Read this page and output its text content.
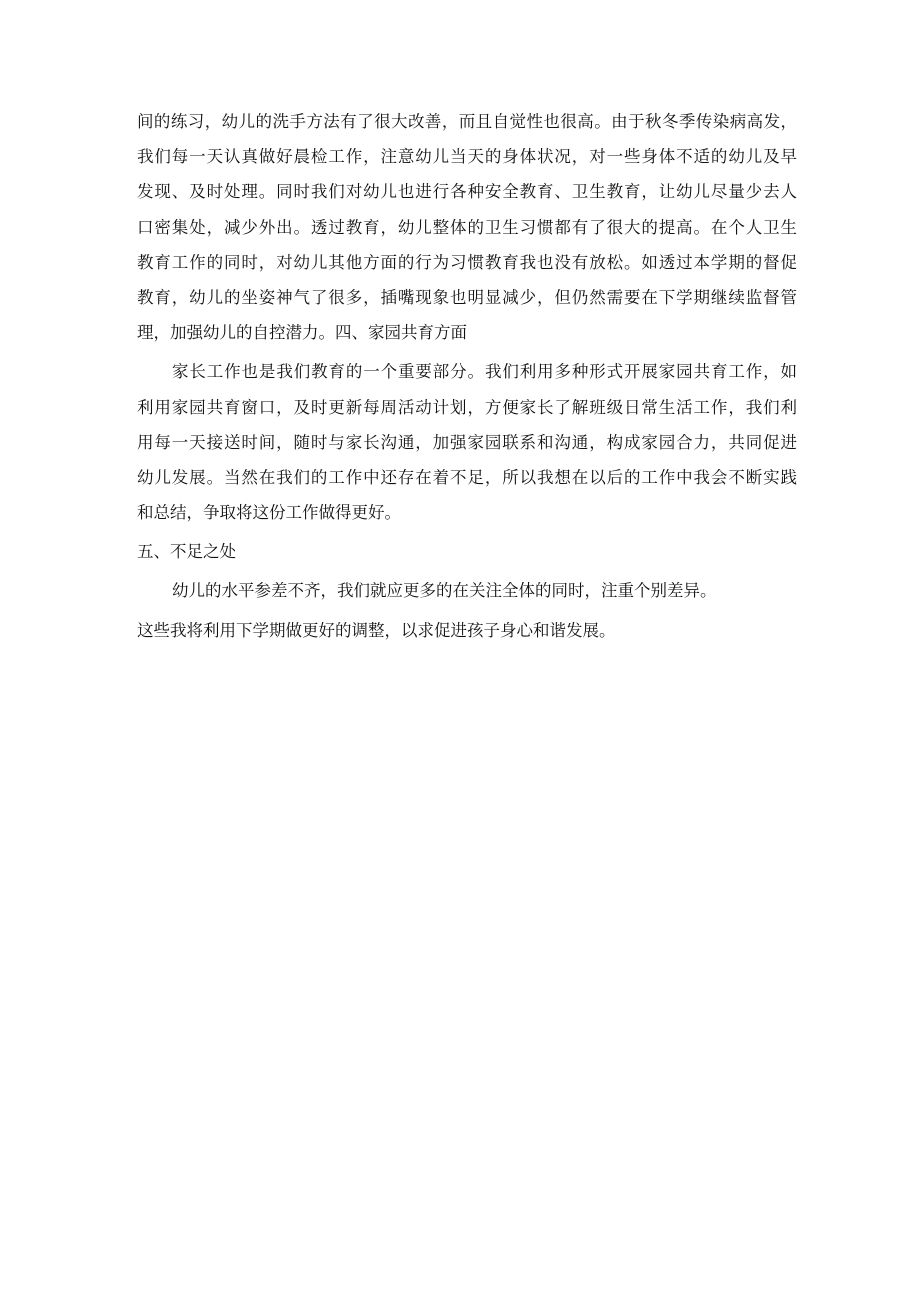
间的练习，幼儿的洗手方法有了很大改善，而且自觉性也很高。由于秋冬季传染病高发，
我们每一天认真做好晨检工作，注意幼儿当天的身体状况，对一些身体不适的幼儿及早
发现、及时处理。同时我们对幼儿也进行各种安全教育、卫生教育，让幼儿尽量少去人
口密集处，减少外出。透过教育，幼儿整体的卫生习惯都有了很大的提高。在个人卫生
教育工作的同时，对幼儿其他方面的行为习惯教育我也没有放松。如透过本学期的督促
教育，幼儿的坐姿神气了很多，插嘴现象也明显减少，但仍然需要在下学期继续监督管
理，加强幼儿的自控潜力。四、家园共育方面
家长工作也是我们教育的一个重要部分。我们利用多种形式开展家园共育工作，如
利用家园共育窗口，及时更新每周活动计划，方便家长了解班级日常生活工作，我们利
用每一天接送时间，随时与家长沟通，加强家园联系和沟通，构成家园合力，共同促进
幼儿发展。当然在我们的工作中还存在着不足，所以我想在以后的工作中我会不断实践
和总结，争取将这份工作做得更好。
五、不足之处
幼儿的水平参差不齐，我们就应更多的在关注全体的同时，注重个别差异。
这些我将利用下学期做更好的调整，以求促进孩子身心和谐发展。
